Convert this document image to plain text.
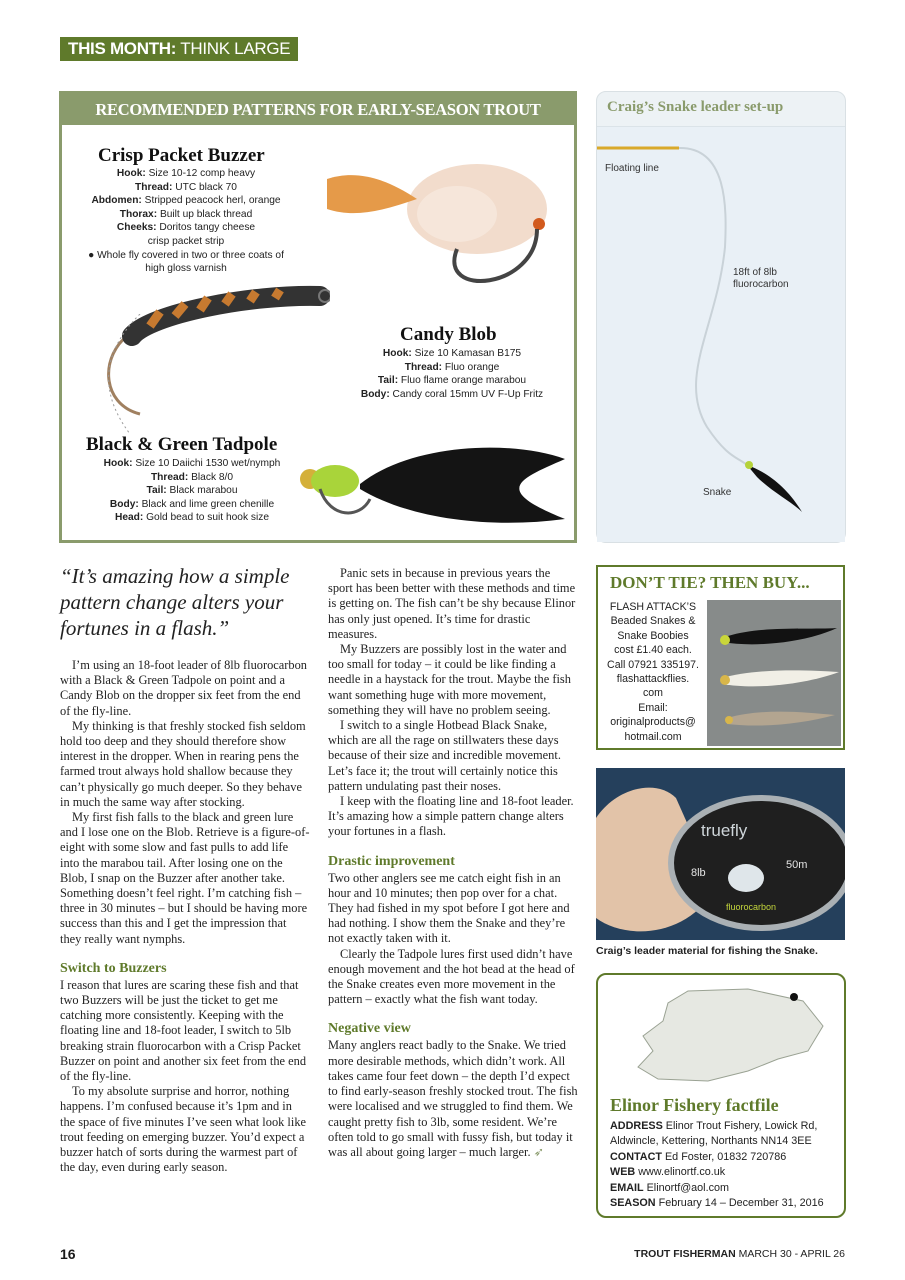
THIS MONTH: THINK LARGE
RECOMMENDED PATTERNS FOR EARLY-SEASON TROUT
Crisp Packet Buzzer
Hook: Size 10-12 comp heavy
Thread: UTC black 70
Abdomen: Stripped peacock herl, orange
Thorax: Built up black thread
Cheeks: Doritos tangy cheese crisp packet strip
● Whole fly covered in two or three coats of high gloss varnish
Candy Blob
Hook: Size 10 Kamasan B175
Thread: Fluo orange
Tail: Fluo flame orange marabou
Body: Candy coral 15mm UV F-Up Fritz
Black & Green Tadpole
Hook: Size 10 Daiichi 1530 wet/nymph
Thread: Black 8/0
Tail: Black marabou
Body: Black and lime green chenille
Head: Gold bead to suit hook size
Craig’s Snake leader set-up
Floating line
18ft of 8lb fluorocarbon
Snake
“It’s amazing how a simple pattern change alters your fortunes in a flash.”

I’m using an 18-foot leader of 8lb fluorocarbon with a Black & Green Tadpole on point and a Candy Blob on the dropper six feet from the end of the fly-line.

My thinking is that freshly stocked fish seldom hold too deep and they should therefore show interest in the dropper. When in rearing pens the farmed trout always hold shallow because they can’t physically go much deeper. So they behave in much the same way after stocking.

My first fish falls to the black and green lure and I lose one on the Blob. Retrieve is a figure-of-eight with some slow and fast pulls to add life into the marabou tail. After losing one on the Blob, I snap on the Buzzer after another take. Something doesn’t feel right. I’m catching fish – three in 30 minutes – but I should be having more success than this and I get the impression that they really want nymphs.

Switch to Buzzers

I reason that lures are scaring these fish and that two Buzzers will be just the ticket to get me catching more consistently. Keeping with the floating line and 18-foot leader, I switch to 5lb breaking strain fluorocarbon with a Crisp Packet Buzzer on point and another six feet from the end of the fly-line.

To my absolute surprise and horror, nothing happens. I’m confused because it’s 1pm and in the space of five minutes I’ve seen what look like trout feeding on emerging buzzer. You’d expect a buzzer hatch of sorts during the warmest part of the day, even during early season.

Panic sets in because in previous years the sport has been better with these methods and time is getting on. The fish can’t be shy because Elinor has only just opened. It’s time for drastic measures.

My Buzzers are possibly lost in the water and too small for today – it could be like finding a needle in a haystack for the trout. Maybe the fish want something huge with more movement, something they will have no problem seeing.

I switch to a single Hotbead Black Snake, which are all the rage on stillwaters these days because of their size and incredible movement. Let’s face it; the trout will certainly notice this pattern undulating past their noses.

I keep with the floating line and 18-foot leader. It’s amazing how a simple pattern change alters your fortunes in a flash.

Drastic improvement

Two other anglers see me catch eight fish in an hour and 10 minutes; then pop over for a chat. They had fished in my spot before I got here and had nothing. I show them the Snake and they’re not exactly taken with it.

Clearly the Tadpole lures first used didn’t have enough movement and the hot bead at the head of the Snake creates even more movement in the pattern – exactly what the fish want today.

Negative view

Many anglers react badly to the Snake. We tried more desirable methods, which didn’t work. All takes came four feet down – the depth I’d expect to find early-season freshly stocked trout. The fish were localised and we struggled to find them. We caught pretty fish to 3lb, some resident. We’re often told to go small with fussy fish, but today it was all about going larger – much larger. ➶

DON’T TIE? THEN BUY...
FLASH ATTACK’S
Beaded Snakes &
Snake Boobies
cost £1.40 each.
Call 07921 335197.
flashattackflies.
com
Email:
originalproducts@
hotmail.com
truefly
8lb
50m
fluorocarbon
Craig’s leader material for fishing the Snake.
Elinor Fishery factfile
ADDRESS Elinor Trout Fishery, Lowick Rd, Aldwincle, Kettering, Northants NN14 3EE
CONTACT Ed Foster, 01832 720786
WEB www.elinortf.co.uk
EMAIL Elinortf@aol.com
SEASON February 14 – December 31, 2016
16	TROUT FISHERMAN MARCH 30 - APRIL 26
